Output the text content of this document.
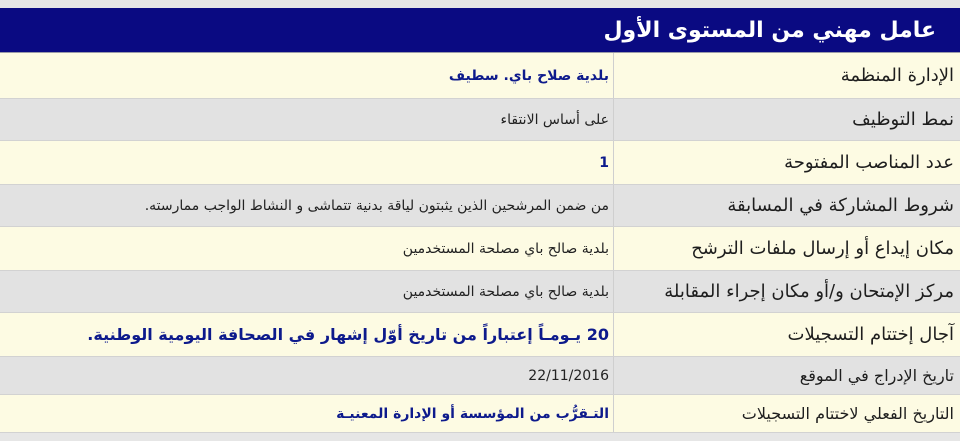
عامل مهني من المستوى الأول
الإدارة المنظمة
بلدية صلاح باي. سطيف
نمط التوظيف
على أساس الانتقاء
عدد المناصب المفتوحة
1
شروط المشاركة في المسابقة
من ضمن المرشحين الذين يثبتون لياقة بدنية تتماشى و النشاط الواجب ممارسته.
مكان إيداع أو إرسال ملفات الترشح
بلدية صالح باي مصلحة المستخدمين
مركز الإمتحان و/أو مكان إجراء المقابلة
بلدية صالح باي مصلحة المستخدمين
آجال إختتام التسجيلات
20 يـومـاً إعتباراً من تاريخ أوّل إشهار في الصحافة اليومية الوطنية.
تاريخ الإدراج في الموقع
22/11/2016
التاريخ الفعلي لاختتام التسجيلات
التـقرُّب من المؤسسة أو الإدارة المعنيـة
